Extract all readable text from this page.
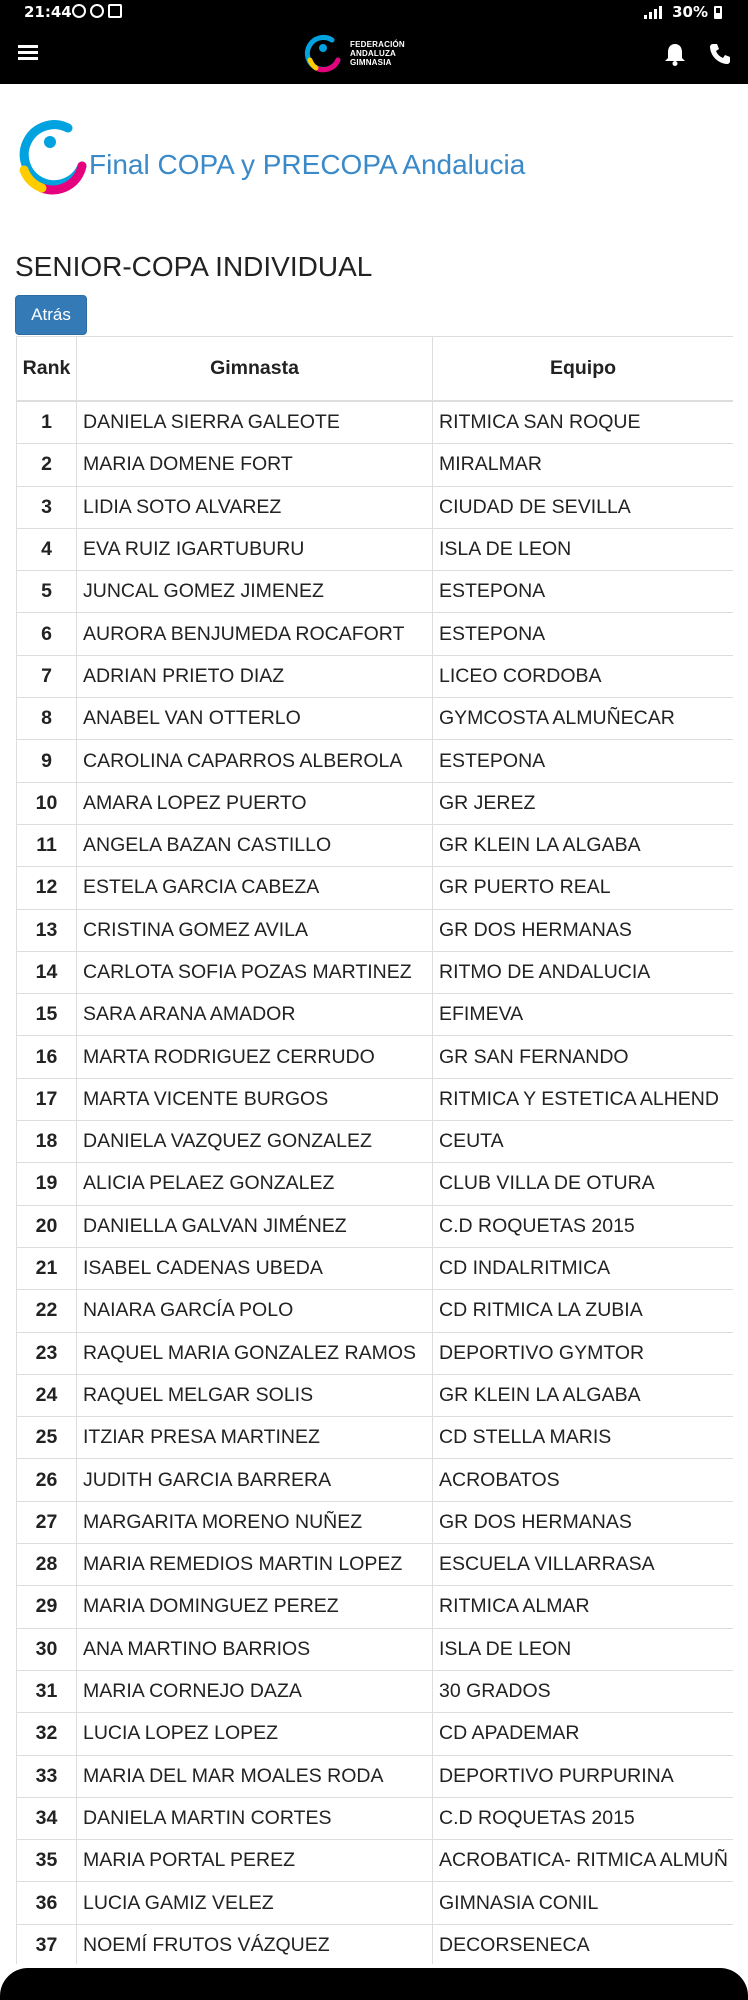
21:44	30%
FEDERACIÓN
ANDALUZA
GIMNASIA
Final COPA y PRECOPA Andalucia
SENIOR-COPA INDIVIDUAL
Atrás
Rank	Gimnasta	Equipo
1	DANIELA SIERRA GALEOTE	RITMICA SAN ROQUE
2	MARIA DOMENE FORT	MIRALMAR
3	LIDIA SOTO ALVAREZ	CIUDAD DE SEVILLA
4	EVA RUIZ IGARTUBURU	ISLA DE LEON
5	JUNCAL GOMEZ JIMENEZ	ESTEPONA
6	AURORA BENJUMEDA ROCAFORT	ESTEPONA
7	ADRIAN PRIETO DIAZ	LICEO CORDOBA
8	ANABEL VAN OTTERLO	GYMCOSTA ALMUÑECAR
9	CAROLINA CAPARROS ALBEROLA	ESTEPONA
10	AMARA LOPEZ PUERTO	GR JEREZ
11	ANGELA BAZAN CASTILLO	GR KLEIN LA ALGABA
12	ESTELA GARCIA CABEZA	GR PUERTO REAL
13	CRISTINA GOMEZ AVILA	GR DOS HERMANAS
14	CARLOTA SOFIA POZAS MARTINEZ	RITMO DE ANDALUCIA
15	SARA ARANA AMADOR	EFIMEVA
16	MARTA RODRIGUEZ CERRUDO	GR SAN FERNANDO
17	MARTA VICENTE BURGOS	RITMICA Y ESTETICA ALHEND
18	DANIELA VAZQUEZ GONZALEZ	CEUTA
19	ALICIA PELAEZ GONZALEZ	CLUB VILLA DE OTURA
20	DANIELLA GALVAN JIMÉNEZ	C.D ROQUETAS 2015
21	ISABEL CADENAS UBEDA	CD INDALRITMICA
22	NAIARA GARCÍA POLO	CD RITMICA LA ZUBIA
23	RAQUEL MARIA GONZALEZ RAMOS	DEPORTIVO GYMTOR
24	RAQUEL MELGAR SOLIS	GR KLEIN LA ALGABA
25	ITZIAR PRESA MARTINEZ	CD STELLA MARIS
26	JUDITH GARCIA BARRERA	ACROBATOS
27	MARGARITA MORENO NUÑEZ	GR DOS HERMANAS
28	MARIA REMEDIOS MARTIN LOPEZ	ESCUELA VILLARRASA
29	MARIA DOMINGUEZ PEREZ	RITMICA ALMAR
30	ANA MARTINO BARRIOS	ISLA DE LEON
31	MARIA CORNEJO DAZA	30 GRADOS
32	LUCIA LOPEZ LOPEZ	CD APADEMAR
33	MARIA DEL MAR MOALES RODA	DEPORTIVO PURPURINA
34	DANIELA MARTIN CORTES	C.D ROQUETAS 2015
35	MARIA PORTAL PEREZ	ACROBATICA- RITMICA ALMUÑ
36	LUCIA GAMIZ VELEZ	GIMNASIA CONIL
37	NOEMÍ FRUTOS VÁZQUEZ	DECORSENECA
